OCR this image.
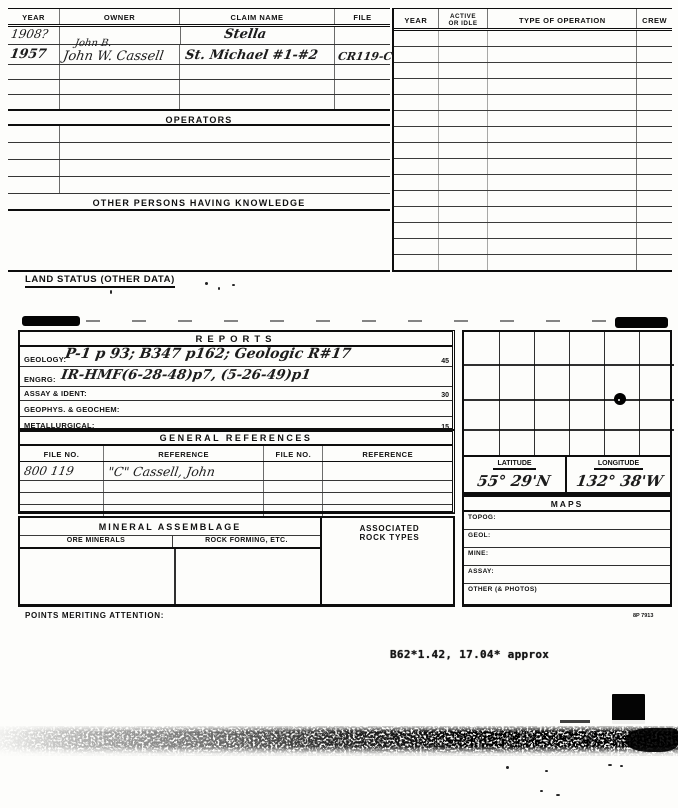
YEAR	OWNER	CLAIM NAME	FILE
1908?	Stella
1957
John B.
John W. Cassell St. Michael #1-#2 CR119-C
OPERATORS
OTHER PERSONS HAVING KNOWLEDGE
YEAR	ACTIVE
OR IDLE	TYPE OF OPERATION	CREW
LAND STATUS (OTHER DATA)
REPORTS
GEOLOGY:
P-1 p 93; B347 p162; Geologic R#17	45
ENGRG: IR-HMF(6-28-48)p7, (5-26-49)p1
ASSAY & IDENT:	30
GEOPHYS. & GEOCHEM:
METALLURGICAL:	15
LATITUDE
55° 29'N
LONGITUDE
132° 38'W
MAPS
TOPOG:
GEOL:
MINE:
ASSAY:
OTHER (& PHOTOS)
GENERAL REFERENCES
FILE NO.	REFERENCE	FILE NO.	REFERENCE
800 119	"C" Cassell, John
MINERAL ASSEMBLAGE
ORE MINERALS	ROCK FORMING, ETC.
ASSOCIATED
ROCK TYPES
POINTS MERITING ATTENTION:	8P 7913
B62*1.42, 17.04* approx
